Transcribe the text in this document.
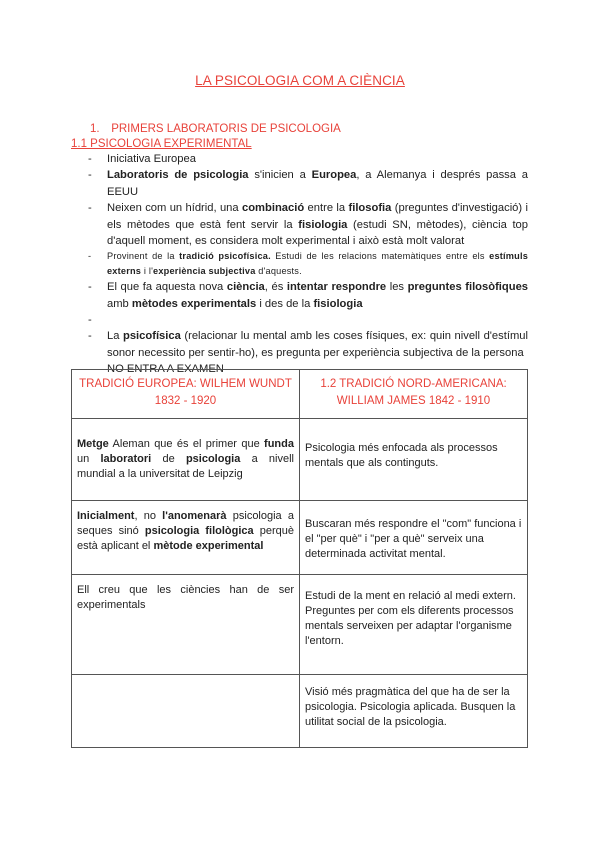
LA PSICOLOGIA COM A CIÈNCIA
1. PRIMERS LABORATORIS DE PSICOLOGIA
1.1 PSICOLOGIA EXPERIMENTAL
- Iniciativa Europea
- Laboratoris de psicologia s'inicien a Europea, a Alemanya i després passa a EEUU
- Neixen com un hídrid, una combinació entre la filosofia (preguntes d'investigació) i els mètodes que està fent servir la fisiologia (estudi SN, mètodes), ciència top d'aquell moment, es considera molt experimental i això està molt valorat
- Provinent de la tradició psicofísica. Estudi de les relacions matemàtiques entre els estímuls externs i l'experiència subjectiva d'aquests.
- El que fa aquesta nova ciència, és intentar respondre les preguntes filosòfiques amb mètodes experimentals i des de la fisiologia
-
- La psicofísica (relacionar lu mental amb les coses físiques, ex: quin nivell d'estímul sonor necessito per sentir-ho), es pregunta per experiència subjectiva de la persona
NO ENTRA A EXAMEN
TRADICIÓ EUROPEA: WILHEM WUNDT 1832 - 1920	1.2 TRADICIÓ NORD-AMERICANA: WILLIAM JAMES 1842 - 1910
Metge Aleman que és el primer que funda un laboratori de psicologia a nivell mundial a la universitat de Leipzig	Psicologia més enfocada als processos mentals que als continguts.
Inicialment, no l'anomenarà psicologia a seques sinó psicologia filològica perquè està aplicant el mètode experimental	Buscaran més respondre el "com" funciona i el "per què" i "per a què" serveix una determinada activitat mental.
Ell creu que les ciències han de ser experimentals	Estudi de la ment en relació al medi extern. Preguntes per com els diferents processos mentals serveixen per adaptar l'organisme l'entorn.
	Visió més pragmàtica del que ha de ser la psicologia. Psicologia aplicada. Busquen la utilitat social de la psicologia.
